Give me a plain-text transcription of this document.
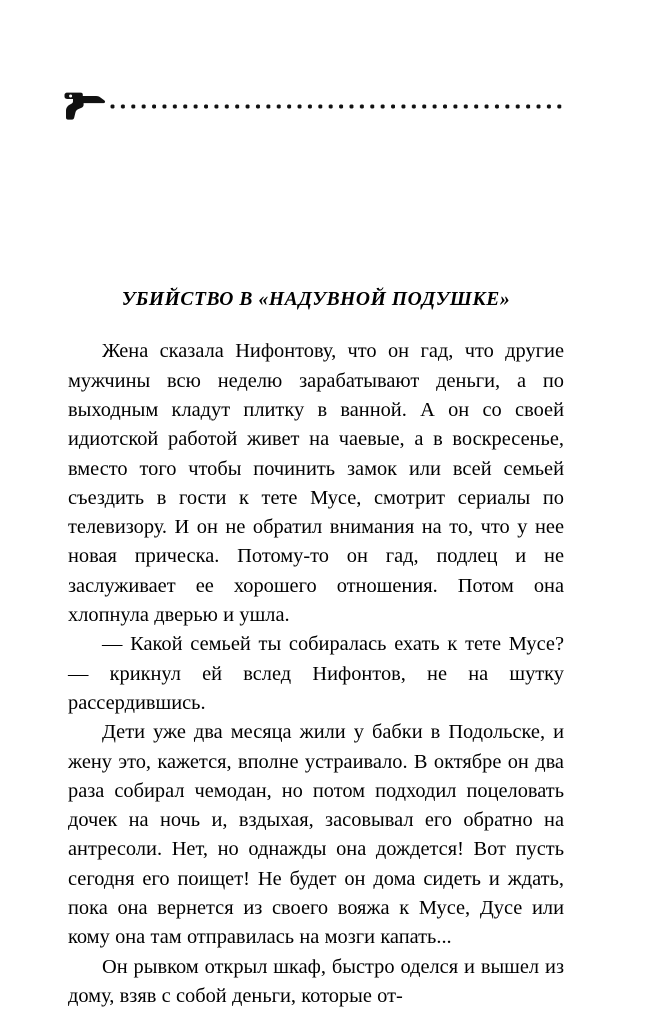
УБИЙСТВО В «НАДУВНОЙ ПОДУШКЕ»

Жена сказала Нифонтову, что он гад, что другие мужчины всю неделю зарабатывают деньги, а по выходным кладут плитку в ванной. А он со своей идиотской работой живет на чаевые, а в воскресенье, вместо того чтобы починить замок или всей семьей съездить в гости к тете Мусе, смотрит сериалы по телевизору. И он не обратил внимания на то, что у нее новая прическа. Потому-то он гад, подлец и не заслуживает ее хорошего отношения. Потом она хлопнула дверью и ушла.

— Какой семьей ты собиралась ехать к тете Мусе? — крикнул ей вслед Нифонтов, не на шутку рассердившись.

Дети уже два месяца жили у бабки в Подольске, и жену это, кажется, вполне устраивало. В октябре он два раза собирал чемодан, но потом подходил поцеловать дочек на ночь и, вздыхая, засовывал его обратно на антресоли. Нет, но однажды она дождется! Вот пусть сегодня его поищет! Не будет он дома сидеть и ждать, пока она вернется из своего вояжа к Мусе, Дусе или кому она там отправилась на мозги капать...

Он рывком открыл шкаф, быстро оделся и вышел из дому, взяв с собой деньги, которые от-
